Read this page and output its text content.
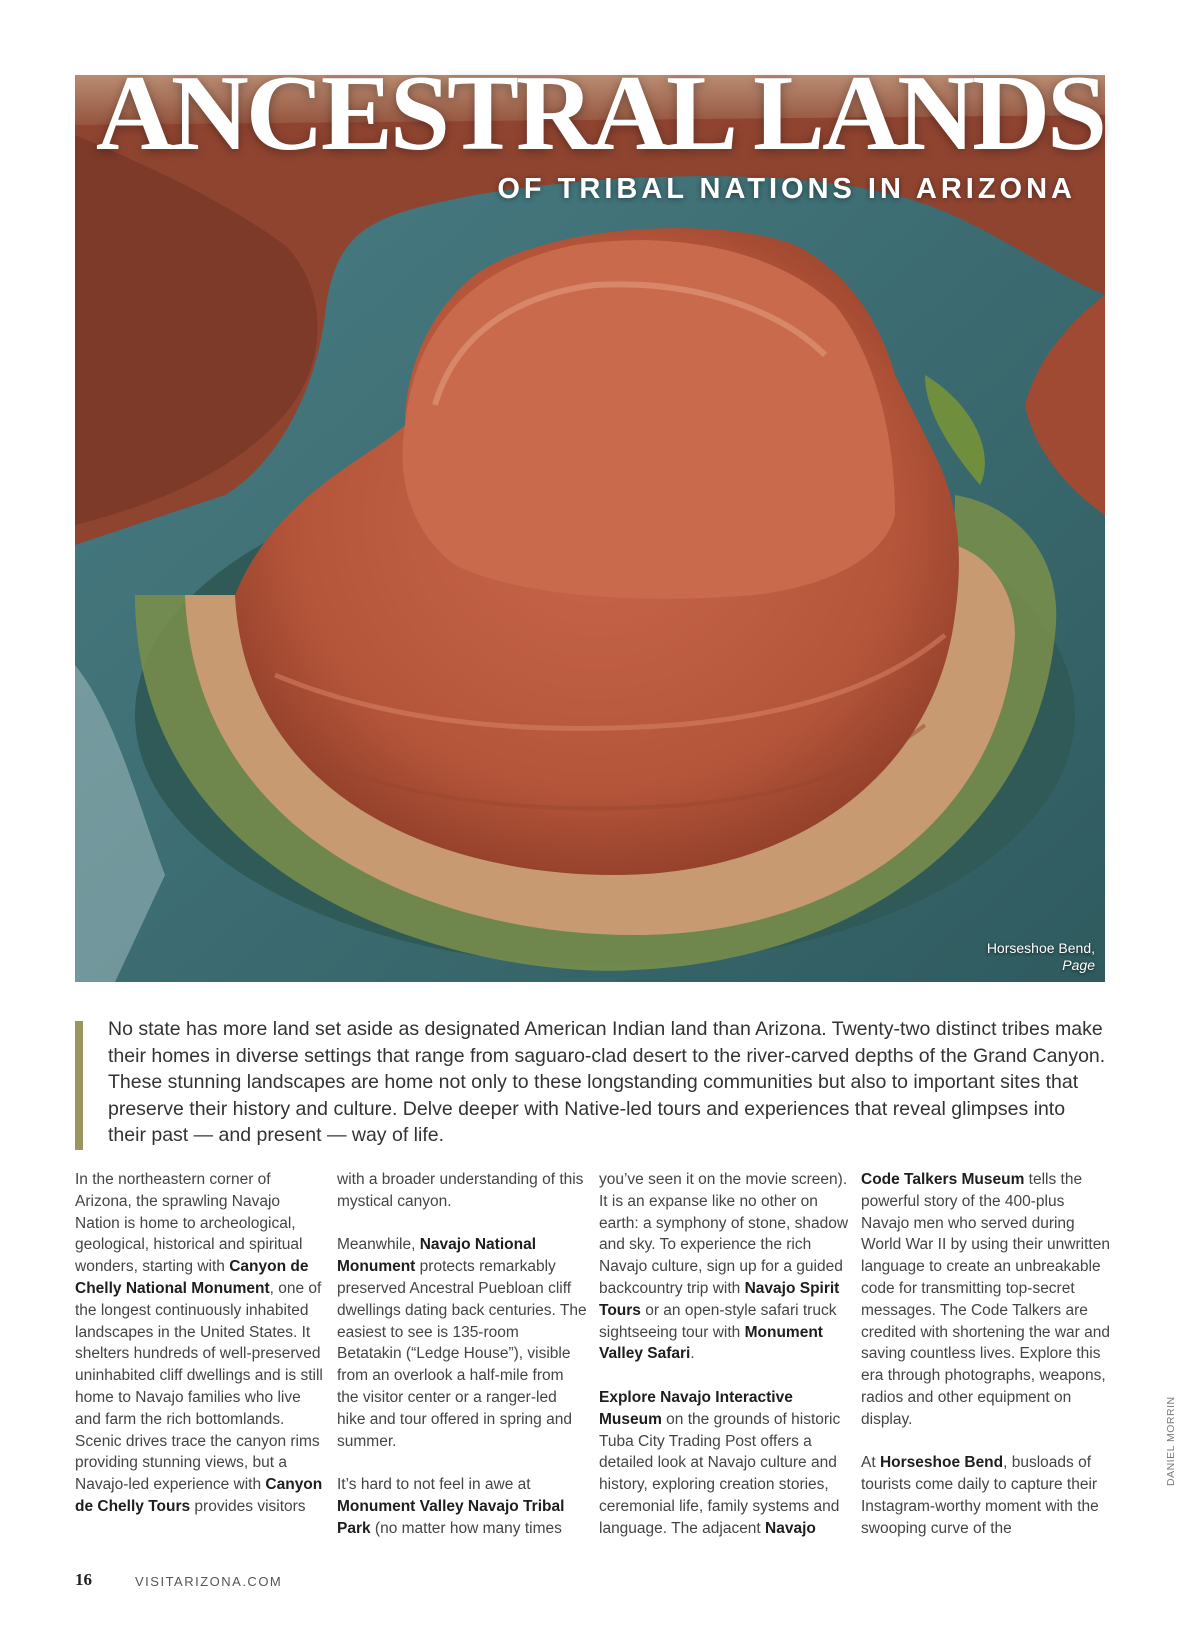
Horseshoe Bend,
Page
ANCESTRAL LANDS
OF TRIBAL NATIONS IN ARIZONA

No state has more land set aside as designated American Indian land than Arizona. Twenty-two distinct tribes make their homes in diverse settings that range from saguaro-clad desert to the river-carved depths of the Grand Canyon. These stunning landscapes are home not only to these longstanding communities but also to important sites that preserve their history and culture. Delve deeper with Native-led tours and experiences that reveal glimpses into their past — and present — way of life.

In the northeastern corner of Arizona, the sprawling Navajo Nation is home to archeological, geological, historical and spiritual wonders, starting with Canyon de Chelly National Monument, one of the longest continuously inhabited landscapes in the United States. It shelters hundreds of well-preserved uninhabited cliff dwellings and is still home to Navajo families who live and farm the rich bottomlands. Scenic drives trace the canyon rims providing stunning views, but a Navajo-led experience with Canyon de Chelly Tours provides visitors

with a broader understanding of this mystical canyon.

Meanwhile, Navajo National Monument protects remarkably preserved Ancestral Puebloan cliff dwellings dating back centuries. The easiest to see is 135-room Betatakin (“Ledge House”), visible from an overlook a half-mile from the visitor center or a ranger-led hike and tour offered in spring and summer.

It’s hard to not feel in awe at Monument Valley Navajo Tribal Park (no matter how many times

you’ve seen it on the movie screen). It is an expanse like no other on earth: a symphony of stone, shadow and sky. To experience the rich Navajo culture, sign up for a guided backcountry trip with Navajo Spirit Tours or an open-style safari truck sightseeing tour with Monument Valley Safari.

Explore Navajo Interactive Museum on the grounds of historic Tuba City Trading Post offers a detailed look at Navajo culture and history, exploring creation stories, ceremonial life, family systems and language. The adjacent Navajo

Code Talkers Museum tells the powerful story of the 400-plus Navajo men who served during World War II by using their unwritten language to create an unbreakable code for transmitting top-secret messages. The Code Talkers are credited with shortening the war and saving countless lives. Explore this era through photographs, weapons, radios and other equipment on display.

At Horseshoe Bend, busloads of tourists come daily to capture their Instagram-worthy moment with the swooping curve of the

DANIEL MORRIN
16	VISITARIZONA.COM
